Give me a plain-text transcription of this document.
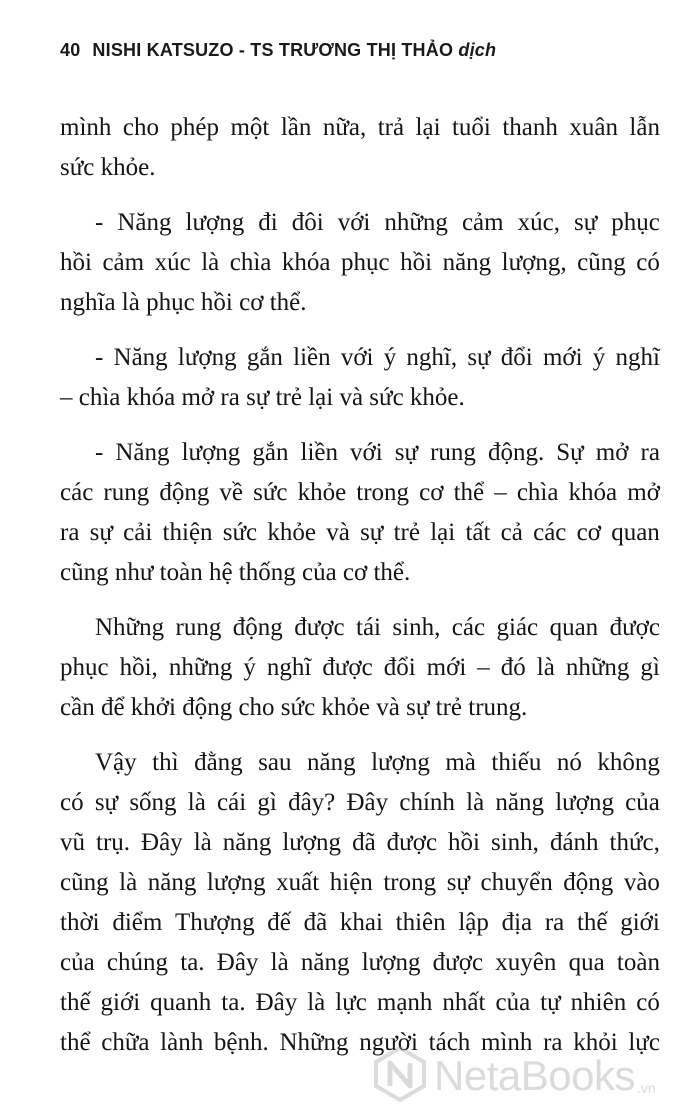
40 NISHI KATSUZO - TS TRƯƠNG THỊ THẢO dịch

mình cho phép một lần nữa, trả lại tuổi thanh xuân lẫn
sức khỏe.

- Năng lượng đi đôi với những cảm xúc, sự phục
hồi cảm xúc là chìa khóa phục hồi năng lượng, cũng có
nghĩa là phục hồi cơ thể.

- Năng lượng gắn liền với ý nghĩ, sự đổi mới ý nghĩ
– chìa khóa mở ra sự trẻ lại và sức khỏe.

- Năng lượng gắn liền với sự rung động. Sự mở ra
các rung động về sức khỏe trong cơ thể – chìa khóa mở
ra sự cải thiện sức khỏe và sự trẻ lại tất cả các cơ quan
cũng như toàn hệ thống của cơ thể.

Những rung động được tái sinh, các giác quan được
phục hồi, những ý nghĩ được đổi mới – đó là những gì
cần để khởi động cho sức khỏe và sự trẻ trung.

Vậy thì đằng sau năng lượng mà thiếu nó không
có sự sống là cái gì đây? Đây chính là năng lượng của
vũ trụ. Đây là năng lượng đã được hồi sinh, đánh thức,
cũng là năng lượng xuất hiện trong sự chuyển động vào
thời điểm Thượng đế đã khai thiên lập địa ra thế giới
của chúng ta. Đây là năng lượng được xuyên qua toàn
thế giới quanh ta. Đây là lực mạnh nhất của tự nhiên có
thể chữa lành bệnh. Những người tách mình ra khỏi lực

NetaBooks .vn
